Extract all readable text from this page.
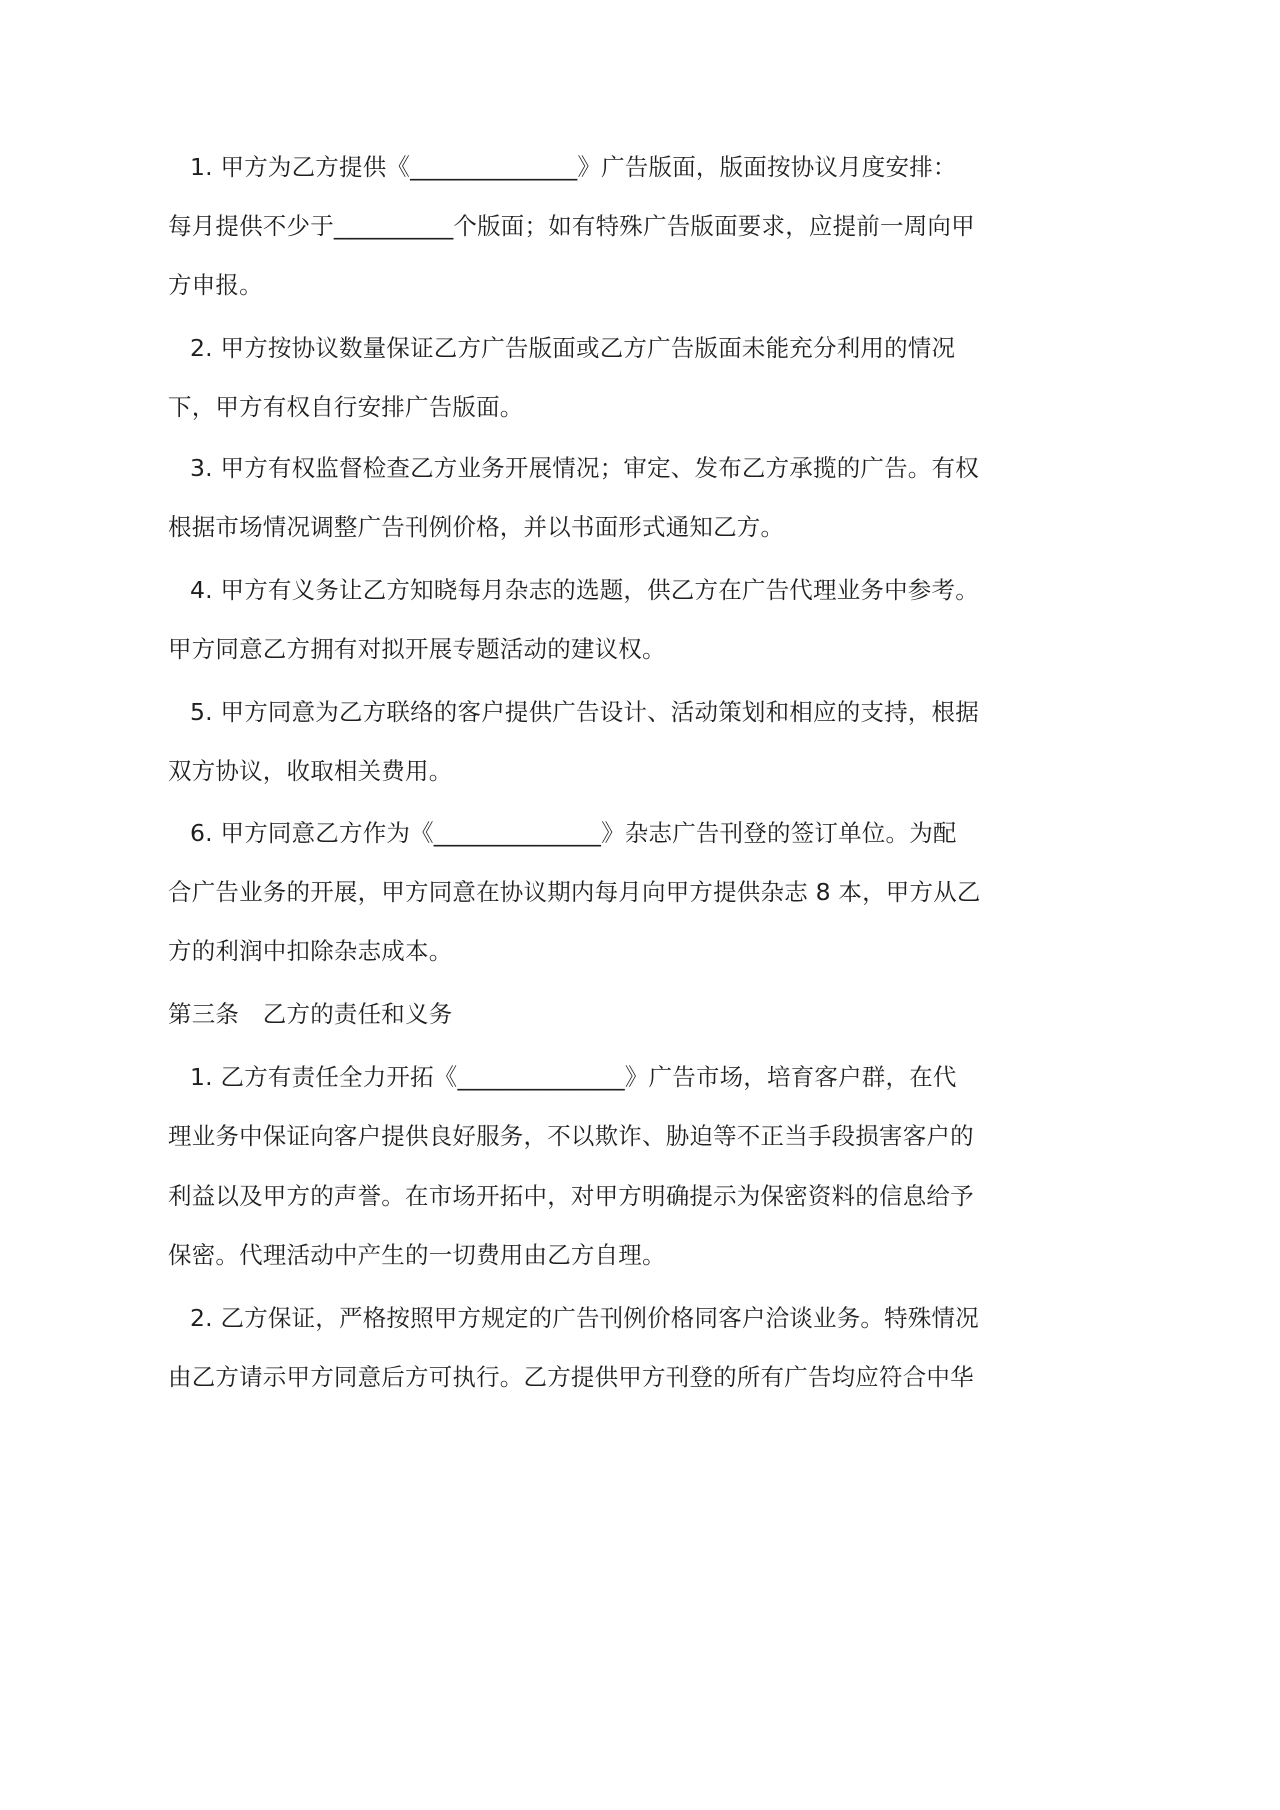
1. 甲方为乙方提供《______________》广告版面，版面按协议月度安排：
每月提供不少于__________个版面；如有特殊广告版面要求，应提前一周向甲
方申报。
2. 甲方按协议数量保证乙方广告版面或乙方广告版面未能充分利用的情况
下，甲方有权自行安排广告版面。
3. 甲方有权监督检查乙方业务开展情况；审定、发布乙方承揽的广告。有权
根据市场情况调整广告刊例价格，并以书面形式通知乙方。
4. 甲方有义务让乙方知晓每月杂志的选题，供乙方在广告代理业务中参考。
甲方同意乙方拥有对拟开展专题活动的建议权。
5. 甲方同意为乙方联络的客户提供广告设计、活动策划和相应的支持，根据
双方协议，收取相关费用。
6. 甲方同意乙方作为《______________》杂志广告刊登的签订单位。为配
合广告业务的开展，甲方同意在协议期内每月向甲方提供杂志 8 本，甲方从乙
方的利润中扣除杂志成本。
第三条　乙方的责任和义务
1. 乙方有责任全力开拓《______________》广告市场，培育客户群，在代
理业务中保证向客户提供良好服务，不以欺诈、胁迫等不正当手段损害客户的
利益以及甲方的声誉。在市场开拓中，对甲方明确提示为保密资料的信息给予
保密。代理活动中产生的一切费用由乙方自理。
2. 乙方保证，严格按照甲方规定的广告刊例价格同客户洽谈业务。特殊情况
由乙方请示甲方同意后方可执行。乙方提供甲方刊登的所有广告均应符合中华
